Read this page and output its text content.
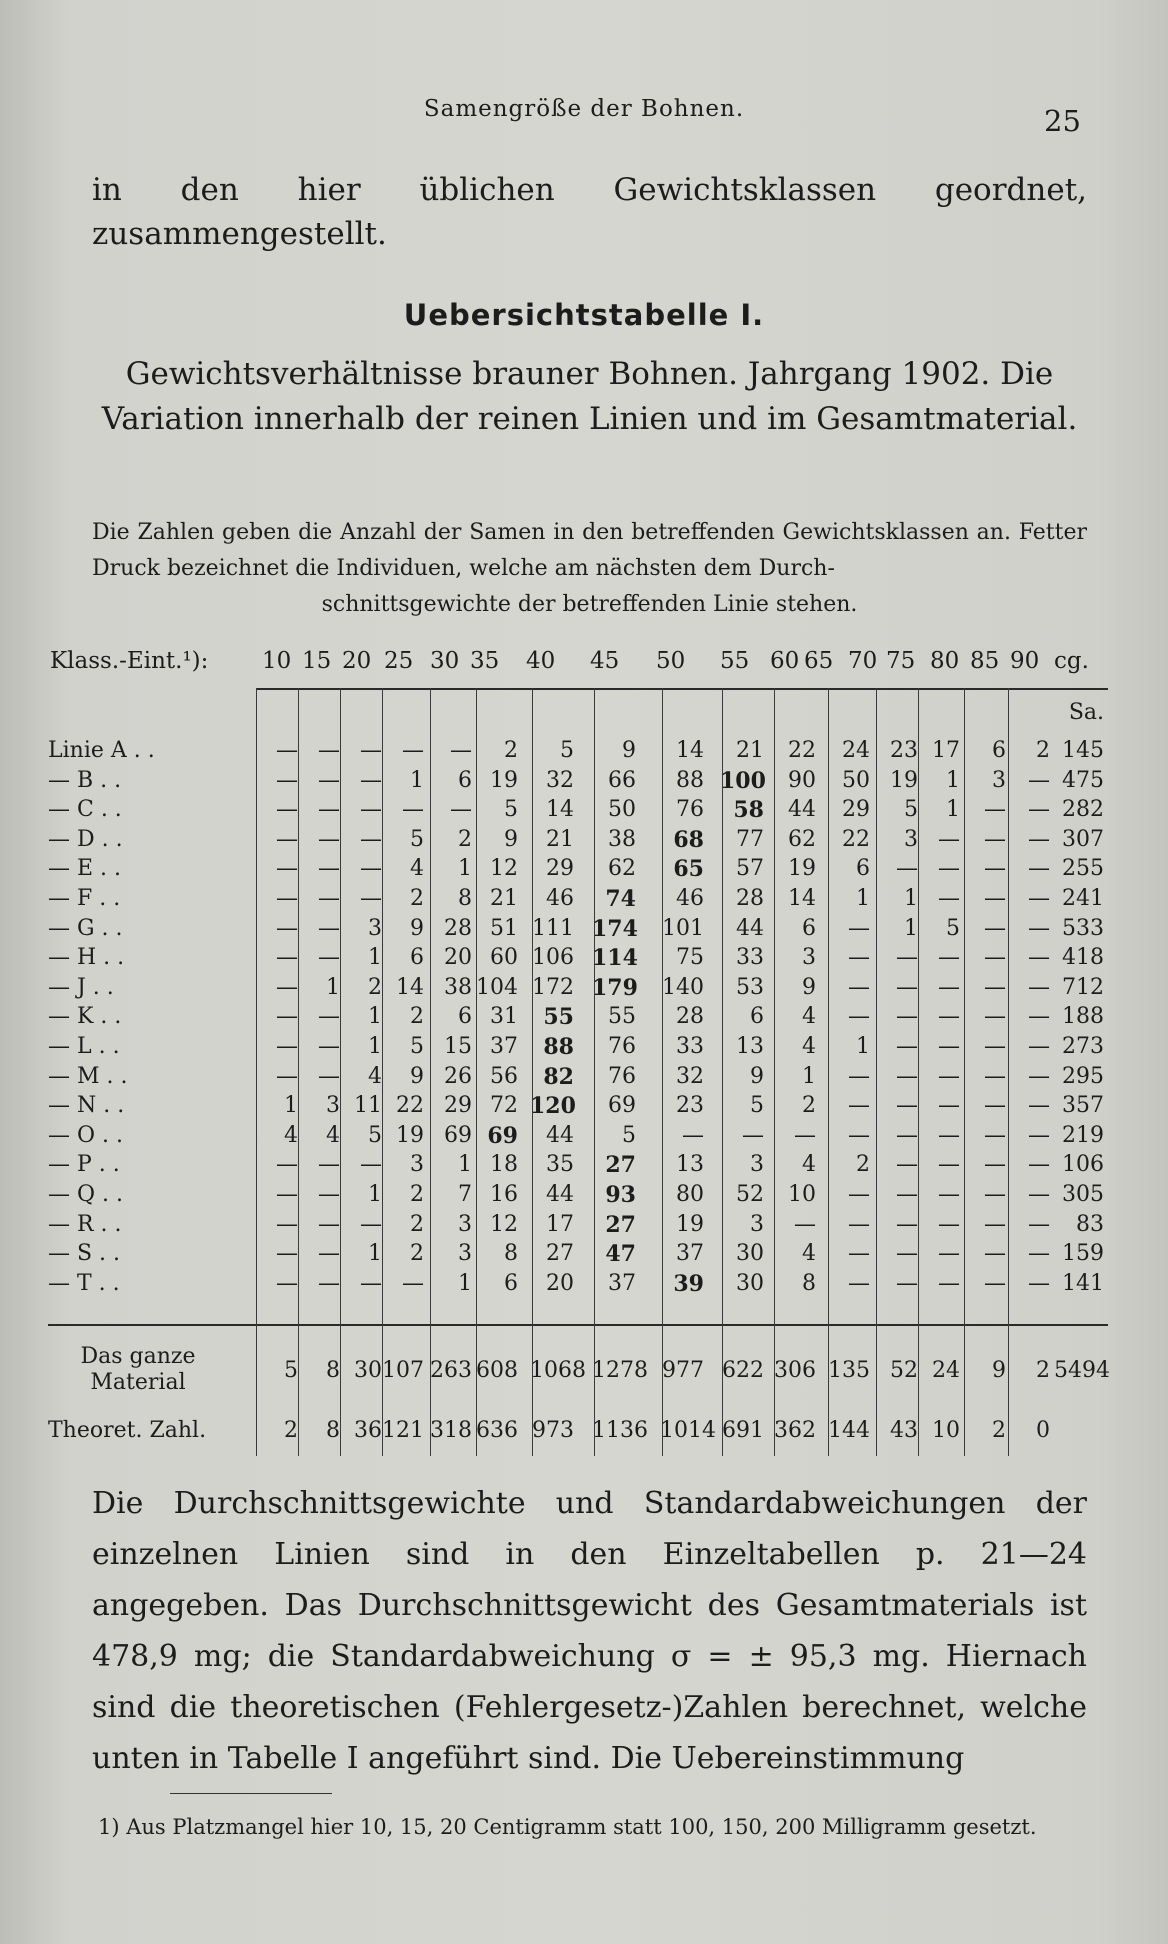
Samengröße der Bohnen.	25
in den hier üblichen Gewichtsklassen geordnet, zusammengestellt.
Uebersichtstabelle I.
Gewichtsverhältnisse brauner Bohnen. Jahrgang 1902. Die Variation innerhalb der reinen Linien und im Gesamtmaterial.
Die Zahlen geben die Anzahl der Samen in den betreffenden Gewichtsklassen an. Fetter Druck bezeichnet die Individuen, welche am nächsten dem Durch-
schnittsgewichte der betreffenden Linie stehen.
Klass.-Eint.¹): 10 15 20 25 30 35 40 45 50 55 60 65 70 75 80 85 90 cg.
Sa.
Linie A . .	— — — —	—	2	5	9	14	21	22	24 23 17	6	2 145
— B . .	— — —	1	6 19	32	66	88 100	90	50 19	1	3	— 475
— C . .	— — — —	—	5	14	50	76	58	44	29	5	1	—	— 282
— D . .	— — —	5	2	9	21	38	68	77	62	22	3 —	—	— 307
— E . .	— — —	4	1 12	29	62	65	57	19	6	— —	—	— 255
— F . .	— — —	2	8 21	46	74	46	28	14	1	1 —	—	— 241
— G . .	— —	3	9 28 51 111 174 101	44	6	—	1	5	—	— 533
— H . .	— —	1	6 20 60 106 114	75	33	3	—	— —	—	— 418
— J . .	—	1	2 14 38 104 172 179 140	53	9	—	— —	—	— 712
— K . .	— —	1	2	6 31	55	55	28	6	4	—	— —	—	— 188
— L . .	— —	1	5 15 37	88	76	33	13	4	1	— —	—	— 273
— M . .	— —	4	9 26 56	82	76	32	9	1	—	— —	—	— 295
— N . .	1	3 11 22 29 72 120	69	23	5	2	—	— —	—	— 357
— O . .	4	4	5 19 69 69	44	5	—	—	—	—	— —	—	— 219
— P . .	— — —	3	1 18	35	27	13	3	4	2	— —	—	— 106
— Q . .	— —	1	2	7 16	44	93	80	52	10	—	— —	—	— 305
— R . .	— — —	2	3 12	17	27	19	3	—	—	— —	—	—	83
— S . .	— —	1	2	3	8	27	47	37	30	4	—	— —	—	— 159
— T . .	— — — —	1	6	20	37	39	30	8	—	— —	—	— 141
Das ganze
Material	5	8 30 107 263 608 1068 1278 977 622 306 135 52 24	9	2 5494
Theoret. Zahl.	2	8 36 121 318 636 973 1136 1014 691 362 144 43 10	2	0
Die Durchschnittsgewichte und Standardabweichungen der einzelnen Linien sind in den Einzeltabellen p. 21—24 angegeben. Das Durchschnittsgewicht des Gesamtmaterials ist 478,9 mg; die Standardabweichung σ = ± 95,3 mg. Hiernach sind die theoretischen (Fehlergesetz-)Zahlen berechnet, welche unten in Tabelle I angeführt sind. Die Uebereinstimmung
1) Aus Platzmangel hier 10, 15, 20 Centigramm statt 100, 150, 200 Milligramm gesetzt.
